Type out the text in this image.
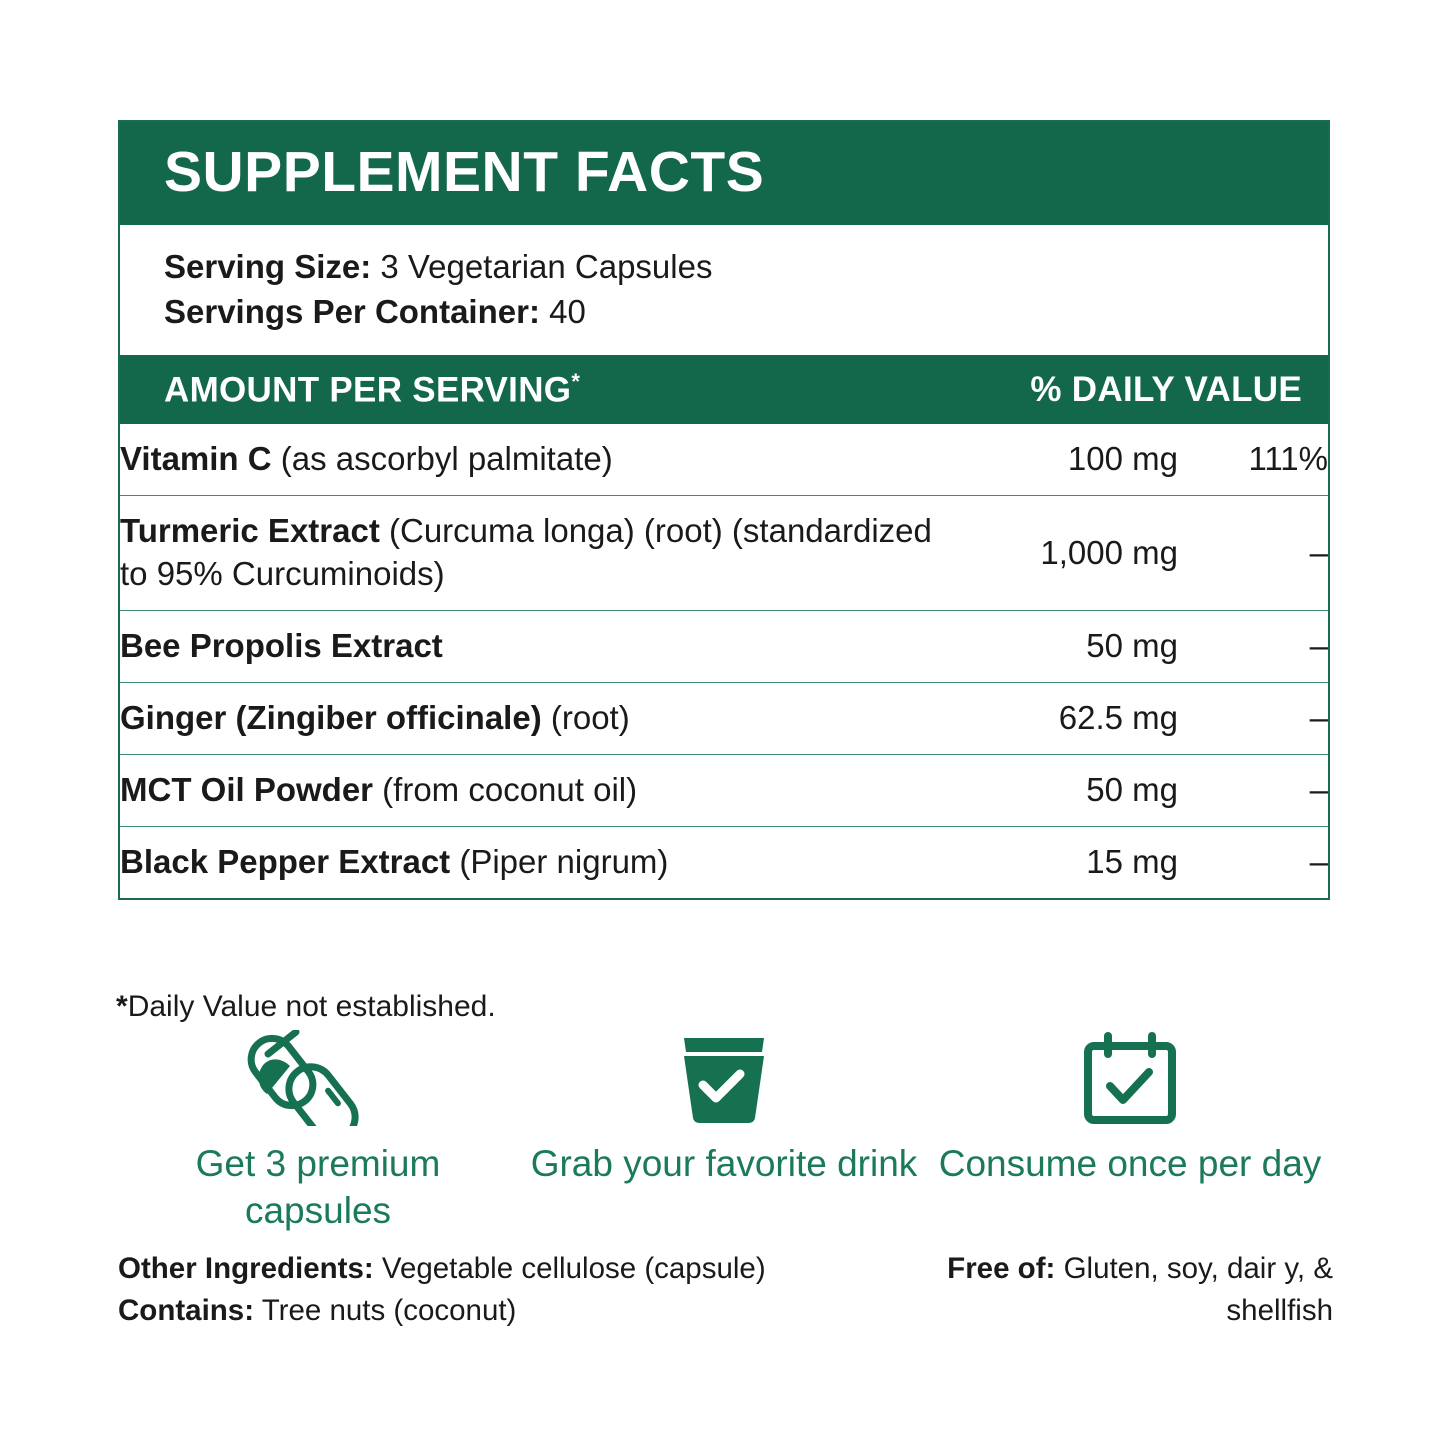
SUPPLEMENT FACTS
Serving Size: 3 Vegetarian Capsules
Servings Per Container: 40
AMOUNT PER SERVING*	% DAILY VALUE
Vitamin C (as ascorbyl palmitate)	100 mg	111%
Turmeric Extract (Curcuma longa) (root) (standardized to 95% Curcuminoids)	1,000 mg	–
Bee Propolis Extract	50 mg	–
Ginger (Zingiber officinale) (root)	62.5 mg	–
MCT Oil Powder (from coconut oil)	50 mg	–
Black Pepper Extract (Piper nigrum)	15 mg	–
*Daily Value not established.
Get 3 premium capsules
Grab your favorite drink Consume once per day
Other Ingredients: Vegetable cellulose (capsule)
Contains: Tree nuts (coconut)
Free of: Gluten, soy, dair y, & shellfish
